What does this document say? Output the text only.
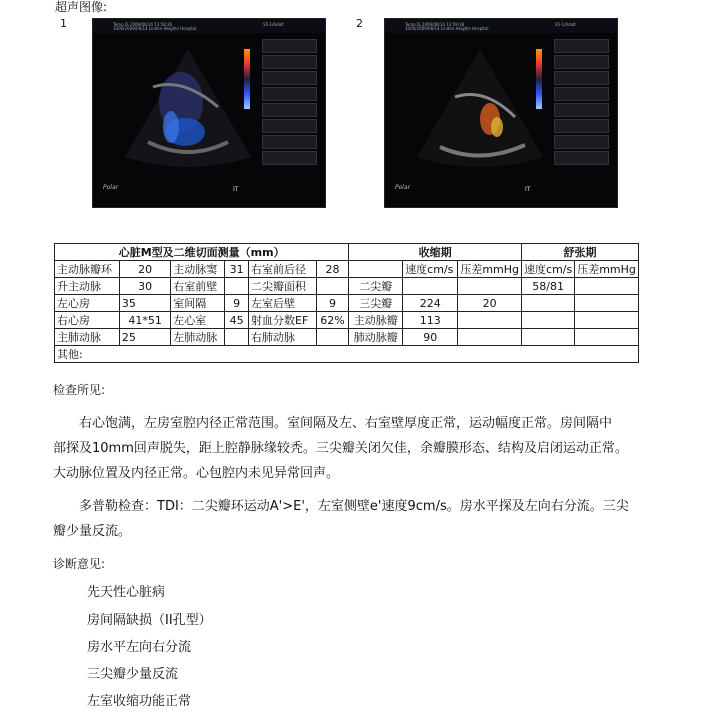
超声图像:
1	Temp IS 2009/06/14 13:58:26
1000/2009/06/14 Linden Heights Hospital
S5-1/Adult
Polar	IT
2	Temp IS 2009/06/14 13:59:18
1000/2009/06/14 Linden Heights Hospital
S5-1/Adult
Polar	IT
心脏M型及二维切面测量（mm）						收缩期			舒张期	
主动脉瓣环	20	主动脉窦	31	右室前后径	28		速度cm/s	压差mmHg	速度cm/s	压差mmHg
升主动脉	30	右室前壁		二尖瓣面积		二尖瓣			58/81	
左心房	35	室间隔	9	左室后壁	9	三尖瓣	224	20		
右心房	41*51	左心室	45	射血分数EF	62%	主动脉瓣	113			
主肺动脉	25	左肺动脉		右肺动脉		肺动脉瓣	90			
其他:										
检查所见:
右心饱满，左房室腔内径正常范围。室间隔及左、右室壁厚度正常，运动幅度正常。房间隔中
部探及10mm回声脱失，距上腔静脉缘较秃。三尖瓣关闭欠佳，余瓣膜形态、结构及启闭运动正常。
大动脉位置及内径正常。心包腔内未见异常回声。
多普勒检查：TDI：二尖瓣环运动A'>E'，左室侧壁e'速度9cm/s。房水平探及左向右分流。三尖
瓣少量反流。
诊断意见:
先天性心脏病
房间隔缺损（II孔型）
房水平左向右分流
三尖瓣少量反流
左室收缩功能正常
